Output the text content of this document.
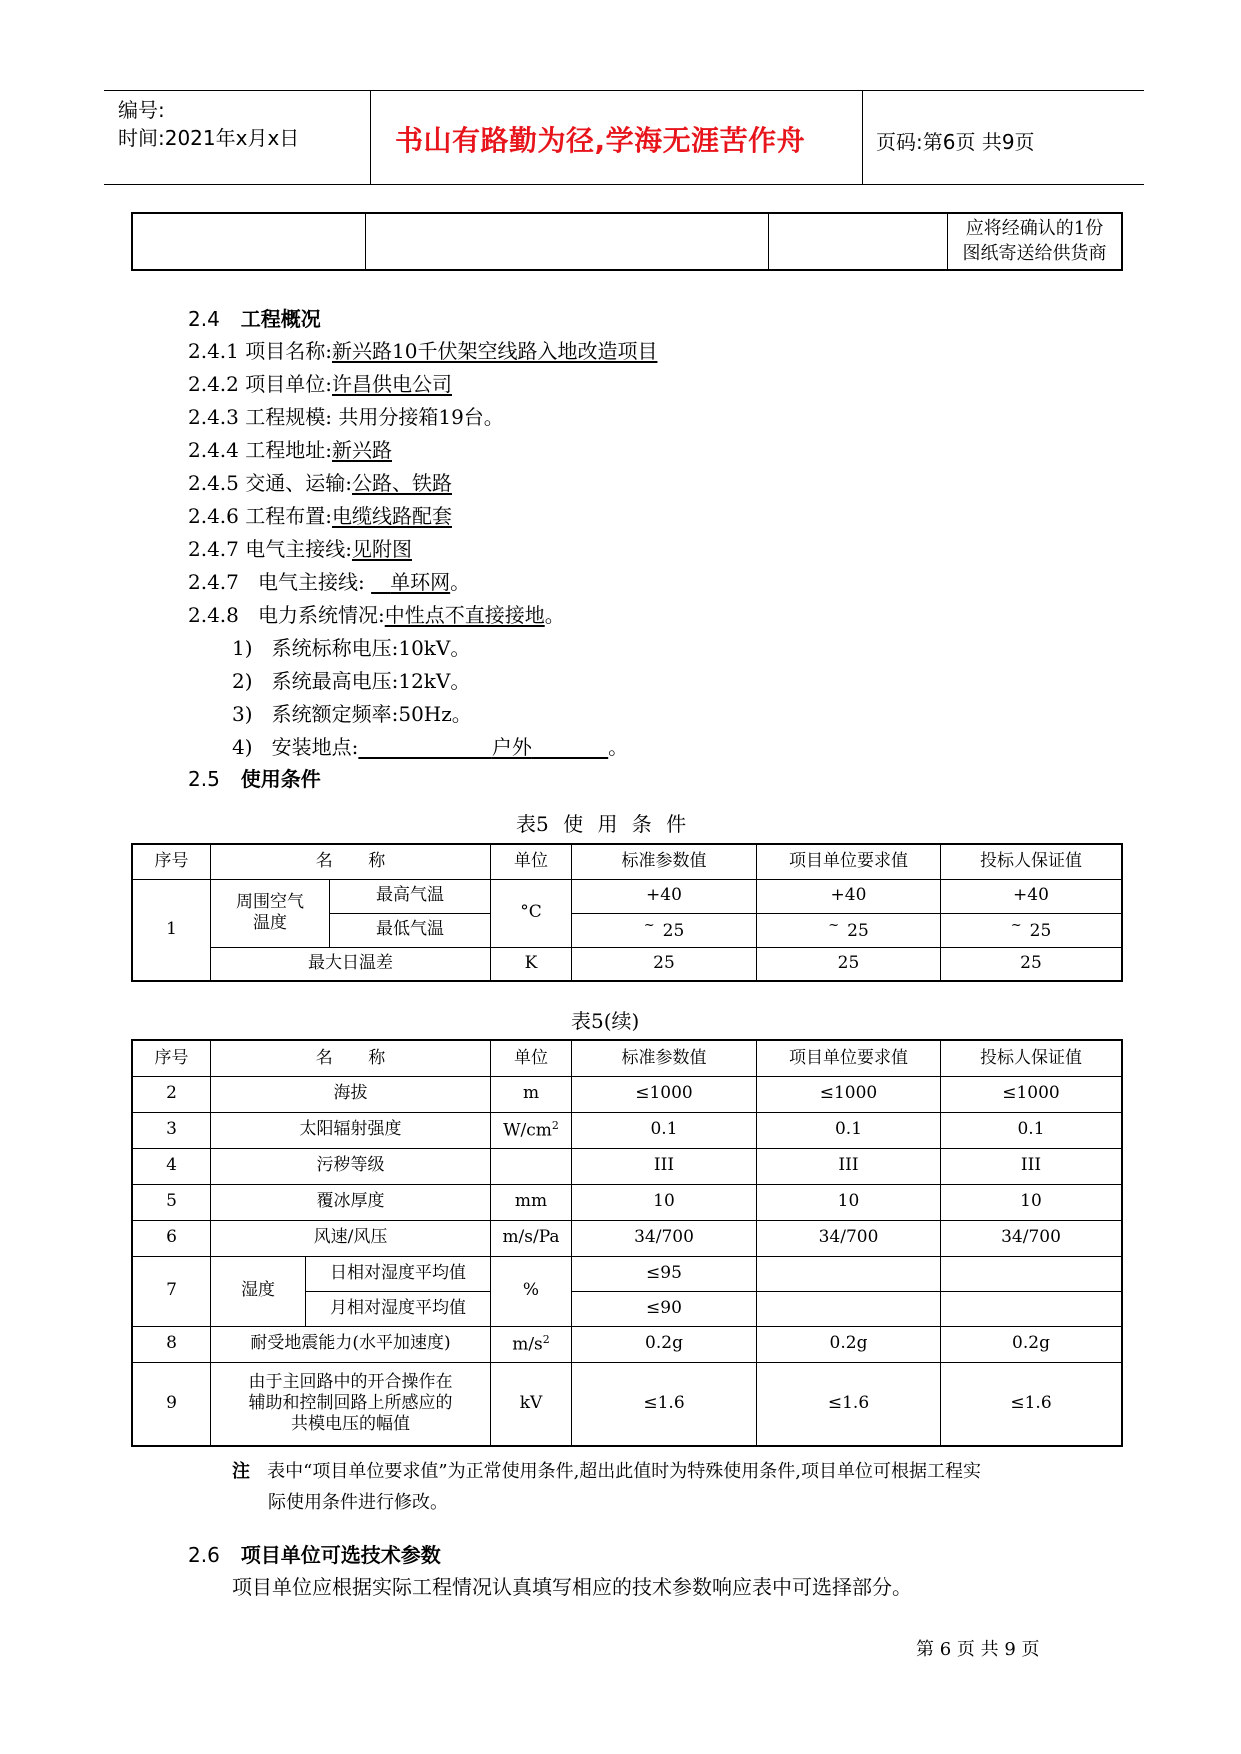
编号:
时间:2021年x月x日	书山有路勤为径,学海无涯苦作舟	页码:第6页 共9页

应将经确认的1份
图纸寄送给供货商
2.4 工程概况
2.4.1 项目名称:新兴路10千伏架空线路入地改造项目
2.4.2 项目单位:许昌供电公司
2.4.3 工程规模: 共用分接箱19台。
2.4.4 工程地址:新兴路
2.4.5 交通、运输:公路、铁路
2.4.6 工程布置:电缆线路配套
2.4.7 电气主接线:见附图
2.4.7 电气主接线: 单环网。
2.4.8 电力系统情况:中性点不直接接地。
1) 系统标称电压:10kV。
2) 系统最高电压:12kV。
3) 系统额定频率:50Hz。
4) 安装地点:	户外	。
2.5 使用条件
表5 使 用 条 件
序号	名 称		单位	标准参数值	项目单位要求值	投标人保证值
1	周围空气温度	最高气温	°C	+40	+40	+40
		最低气温		~ 25	~ 25	~ 25
	最大日温差		K	25	25	25
表5(续)
序号	名 称		单位	标准参数值	项目单位要求值	投标人保证值
2	海拔		m	≤1000	≤1000	≤1000
3	太阳辐射强度		$W/cm^2$	0.1	0.1	0.1
4	污秽等级			III	III	III
5	覆冰厚度		mm	10	10	10
6	风速/风压		m/s/Pa	34/700	34/700	34/700
7	湿度	日相对湿度平均值	%	≤95		
		月相对湿度平均值		≤90		
8	耐受地震能力(水平加速度)		$m/s^2$	0.2g	0.2g	0.2g
9	由于主回路中的开合操作在
辅助和控制回路上所感应的
共模电压的幅值		kV	≤1.6	≤1.6	≤1.6
注 表中“项目单位要求值”为正常使用条件,超出此值时为特殊使用条件,项目单位可根据工程实
际使用条件进行修改。
2.6 项目单位可选技术参数
项目单位应根据实际工程情况认真填写相应的技术参数响应表中可选择部分。
第 6 页 共 9 页
